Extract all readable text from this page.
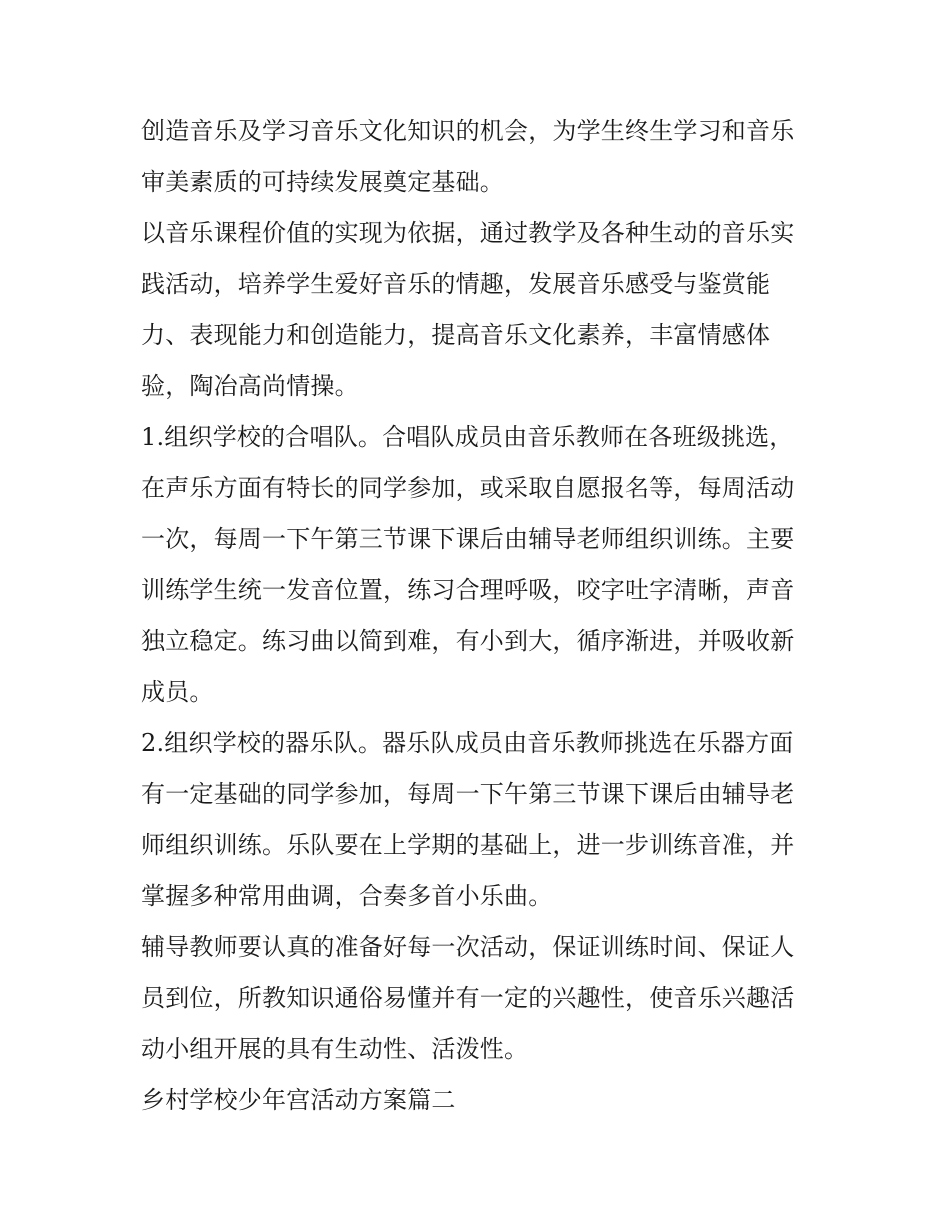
创造音乐及学习音乐文化知识的机会，为学生终生学习和音乐
审美素质的可持续发展奠定基础。
以音乐课程价值的实现为依据，通过教学及各种生动的音乐实
践活动，培养学生爱好音乐的情趣，发展音乐感受与鉴赏能
力、表现能力和创造能力，提高音乐文化素养，丰富情感体
验，陶冶高尚情操。
1.组织学校的合唱队。合唱队成员由音乐教师在各班级挑选，
在声乐方面有特长的同学参加，或采取自愿报名等，每周活动
一次，每周一下午第三节课下课后由辅导老师组织训练。主要
训练学生统一发音位置，练习合理呼吸，咬字吐字清晰，声音
独立稳定。练习曲以简到难，有小到大，循序渐进，并吸收新
成员。
2.组织学校的器乐队。器乐队成员由音乐教师挑选在乐器方面
有一定基础的同学参加，每周一下午第三节课下课后由辅导老
师组织训练。乐队要在上学期的基础上，进一步训练音准，并
掌握多种常用曲调，合奏多首小乐曲。
辅导教师要认真的准备好每一次活动，保证训练时间、保证人
员到位，所教知识通俗易懂并有一定的兴趣性，使音乐兴趣活
动小组开展的具有生动性、活泼性。
乡村学校少年宫活动方案篇二
